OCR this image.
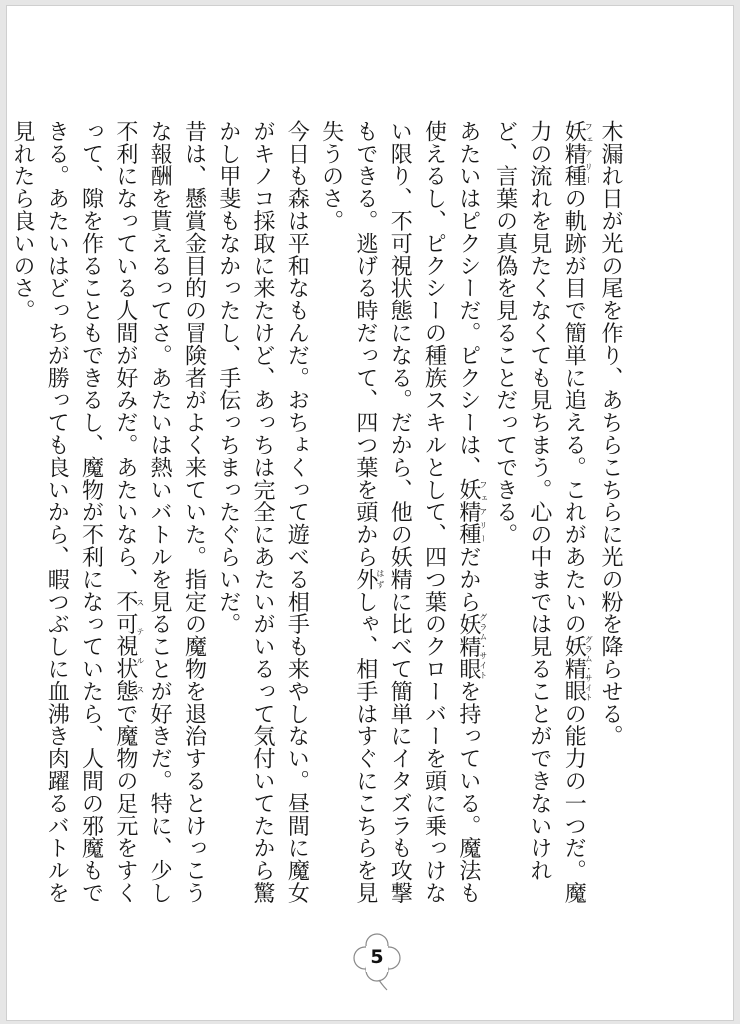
木漏れ日が光の尾を作り、あちらこちらに光の粉を降らせる。

妖精種フェアリーの軌跡が目で簡単に追える。これがあたいの妖精眼グラム・サイトの能力の一つだ。魔力の流れを見たくなくても見ちまう。心の中までは見ることができないけれど、言葉の真偽を見ることだってできる。

あたいはピクシーだ。ピクシーは、妖精種フェアリーだから妖精眼グラム・サイトを持っている。魔法も使えるし、ピクシーの種族スキルとして、四つ葉のクローバーを頭に乗っけない限り、不可視状態になる。だから、他の妖精に比べて簡単にイタズラも攻撃もできる。逃げる時だって、四つ葉を頭から外はずしゃ、相手はすぐにこちらを見失うのさ。

今日も森は平和なもんだ。おちょくって遊べる相手も来やしない。昼間に魔女がキノコ採取に来たけど、あっちは完全にあたいがいるって気付いてたから驚かし甲斐もなかったし、手伝っちまったぐらいだ。

昔は、懸賞金目的の冒険者がよく来ていた。指定の魔物を退治するとけっこうな報酬を貰えるってさ。あたいは熱いバトルを見ることが好きだ。特に、少し不利になっている人間が好みだ。あたいなら、不可視状態ステルスで魔物の足元をすくって、隙を作ることもできるし、魔物が不利になっていたら、人間の邪魔もできる。あたいはどっちが勝っても良いから、暇つぶしに血沸き肉躍るバトルを見れたら良いのさ。

5
